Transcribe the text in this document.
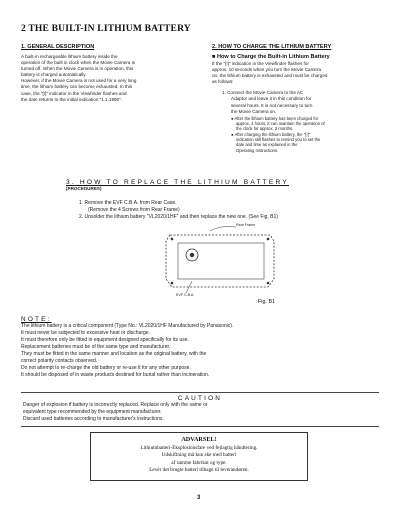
2 THE BUILT-IN LITHIUM BATTERY
1. GENERAL DESCRIPTION
A built-in rechargeable lithium battery inside the
operation of the built in clock when the Movie Camera is
turned off. When the Movie Camera is in operation, this
battery is charged automatically.
However, if the Movie Camera is not used for a very long
time, the lithium battery can become exhausted. In this
case, the "[!]" indicator in the Viewfinder flashes and
the date returns to the initial indication "1.1.1990".
2. HOW TO CHARGE THE LITHIUM BATTERY
■ How to Charge the Built-in Lithium Battery
If the "[!]" indication in the Viewfinder flashes for
approx. 10 seconds when you turn the Movie Camera
on, the lithium battery is exhausted and must be charged
as follows:
1. Connect the Movie Camera to the AC
Adaptor and leave it in this condition for
several hours. It is not necessary to turn
the Movie Camera on.
● After the lithium battery has been charged for
approx. 4 hours, it can maintain the operation of
the clock for approx. 2 months.
● After charging the lithium battery, the "[!]"
indication still flashes to remind you to set the
date and time as explained in the
Operating Instructions.
3. HOW TO REPLACE THE LITHIUM BATTERY
(PROCEDURES)
1. Remove the EVF C.B.A. from Rear Case.
(Remove the 4 Screws from Rear Frame)
2. Unsolder the lithium battery "VL2020/1HF" and then replace the new one. (See Fig. B1)
Rear Frame
EVF C.B.A.
Fig. B1
NOTE:
The lithium battery is a critical component (Type No.: VL2020/1HF Manufactured by Panasonic).
It must never be subjected to excessive heat or discharge.
It must therefore only be fitted in equipment designed specifically for its use.
Replacement batteries must be of the same type and manufacturer.
They must be fitted in the same manner and location as the original battery, with the
correct polarity contacts observed.
Do not attempt to re-charge the old battery or re-use it for any other purpose.
It should be disposed of in waste products destined for burial rather than incineration.
CAUTION
Danger of explosion if battery is incorrectly replaced. Replace only with the same or
equivalent type recommended by the equipment manufacturer.
Discard used batteries according to manufacturer's instructions.
ADVARSEL!
Lithiumbatteri-Eksplosionsfare ved fejlagtig håndtering.
Udskiftning må kun ske med batteri
af samme fabrikat og type.
Levér det brugte batteri tilbage til leverandøren.
3
